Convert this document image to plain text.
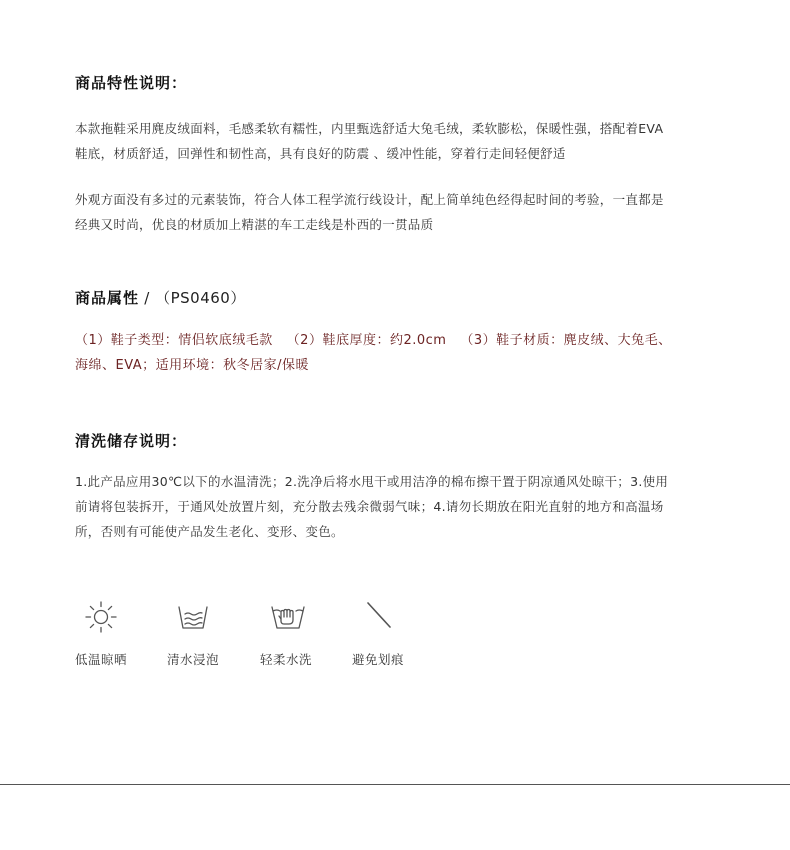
商品特性说明：

本款拖鞋采用麂皮绒面料，毛感柔软有糯性，内里甄选舒适大兔毛绒，柔软膨松，保暖性强，搭配着EVA

鞋底，材质舒适，回弹性和韧性高，具有良好的防震 、缓冲性能，穿着行走间轻便舒适

外观方面没有多过的元素装饰，符合人体工程学流行线设计，配上简单纯色经得起时间的考验，一直都是

经典又时尚，优良的材质加上精湛的车工走线是朴西的一贯品质

商品属性 / （PS0460）

（1）鞋子类型：情侣软底绒毛款   （2）鞋底厚度：约2.0cm   （3）鞋子材质：麂皮绒、大兔毛、

海绵、EVA；适用环境：秋冬居家/保暖

清洗储存说明：

1.此产品应用30℃以下的水温清洗；2.洗净后将水甩干或用洁净的棉布擦干置于阴凉通风处晾干；3.使用

前请将包装拆开，于通风处放置片刻，充分散去残余微弱气味；4.请勿长期放在阳光直射的地方和高温场

所，否则有可能使产品发生老化、变形、变色。

低温晾晒	清水浸泡	轻柔水洗	避免划痕
